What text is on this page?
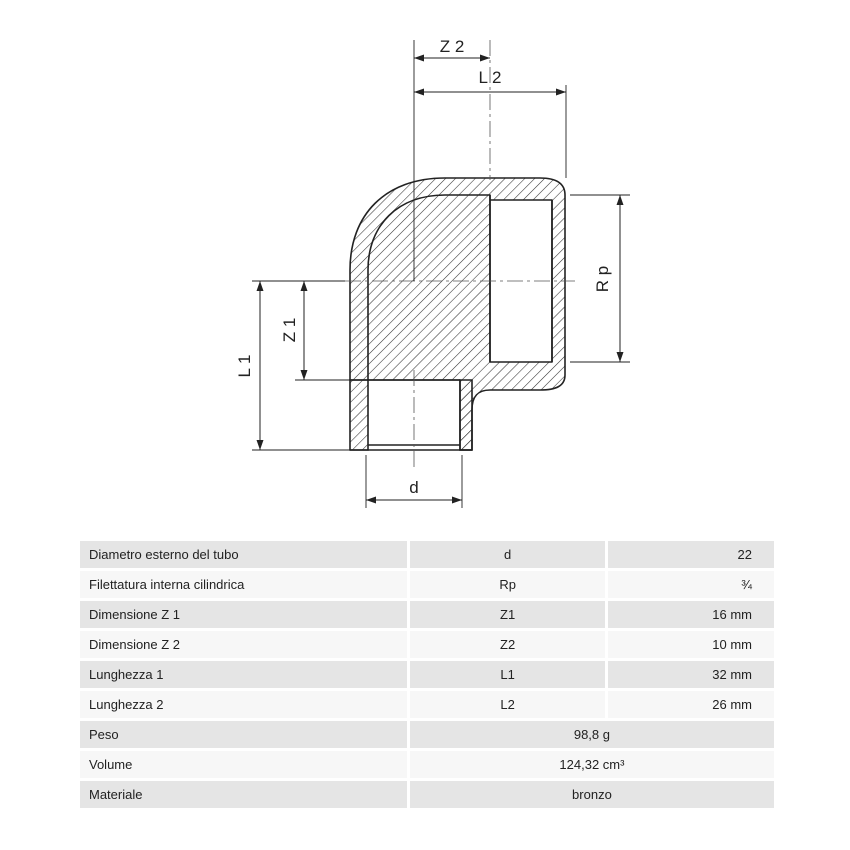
Z 2
L 2
R p
Z 1
L 1
d
Diametro esterno del tubo	d	22
Filettatura interna cilindrica	Rp	¾
Dimensione Z 1	Z1	16 mm
Dimensione Z 2	Z2	10 mm
Lunghezza 1	L1	32 mm
Lunghezza 2	L2	26 mm
Peso	98,8 g	
Volume	124,32 cm³	
Materiale	bronzo	
